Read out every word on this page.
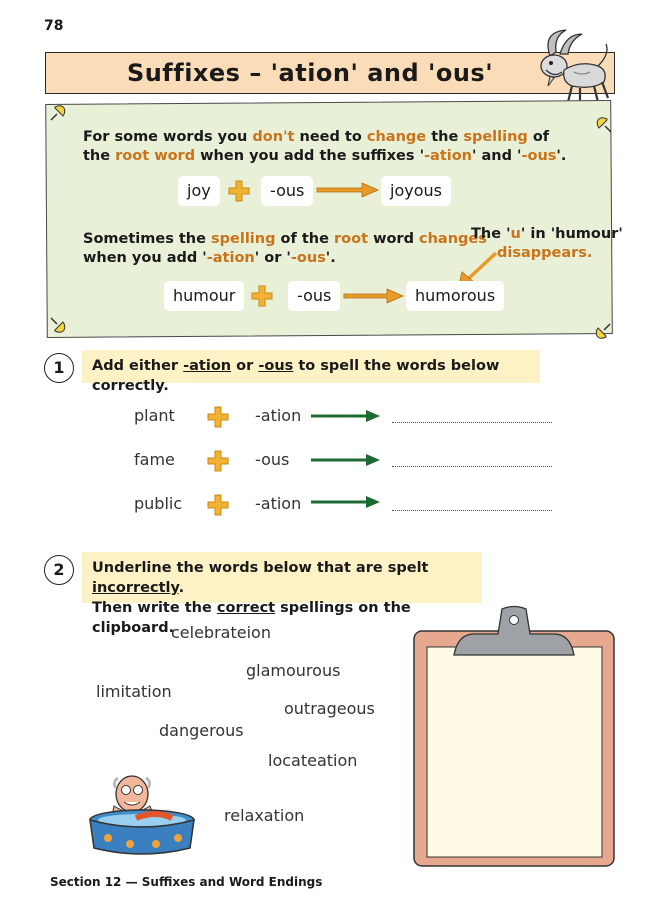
78
Suffixes – 'ation' and 'ous'
For some words you don't need to change the spelling of
the root word when you add the suffixes '-ation' and '-ous'.
joy	-ous	joyous
Sometimes the spelling of the root word changes
when you add '-ation' or '-ous'.
The 'u' in 'humour'
disappears.
humour	-ous	humorous
1	Add either -ation or -ous to spell the words below correctly.
plant	-ation
fame	-ous
public	-ation
2	Underline the words below that are spelt incorrectly.
Then write the correct spellings on the clipboard.
celebrateion
glamourous
limitation
outrageous
dangerous
locateation
relaxation
Section 12 — Suffixes and Word Endings
